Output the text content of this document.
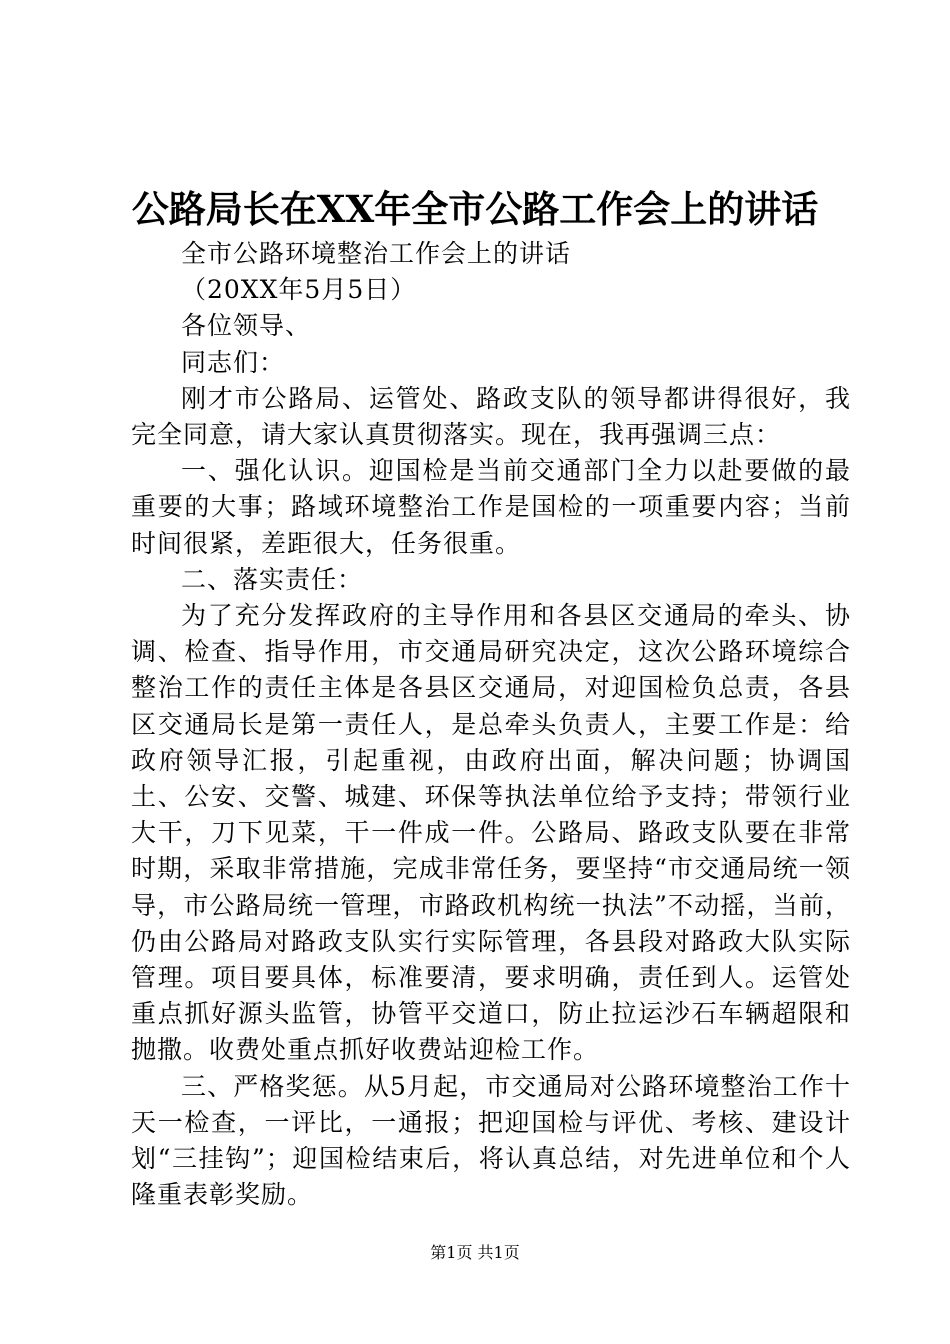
公路局长在XX年全市公路工作会上的讲话

全市公路环境整治工作会上的讲话

（20XX年5月5日）

各位领导、

同志们：

刚才市公路局、运管处、路政支队的领导都讲得很好，我完全同意，请大家认真贯彻落实。现在，我再强调三点：

一、强化认识。迎国检是当前交通部门全力以赴要做的最重要的大事；路域环境整治工作是国检的一项重要内容；当前时间很紧，差距很大，任务很重。

二、落实责任：

为了充分发挥政府的主导作用和各县区交通局的牵头、协调、检查、指导作用，市交通局研究决定，这次公路环境综合整治工作的责任主体是各县区交通局，对迎国检负总责，各县区交通局长是第一责任人，是总牵头负责人，主要工作是：给政府领导汇报，引起重视，由政府出面，解决问题；协调国土、公安、交警、城建、环保等执法单位给予支持；带领行业大干，刀下见菜，干一件成一件。公路局、路政支队要在非常时期，采取非常措施，完成非常任务，要坚持“市交通局统一领导，市公路局统一管理，市路政机构统一执法”不动摇，当前，仍由公路局对路政支队实行实际管理，各县段对路政大队实际管理。项目要具体，标准要清，要求明确，责任到人。运管处重点抓好源头监管，协管平交道口，防止拉运沙石车辆超限和抛撒。收费处重点抓好收费站迎检工作。

三、严格奖惩。从5月起，市交通局对公路环境整治工作十天一检查，一评比，一通报；把迎国检与评优、考核、建设计划“三挂钩”；迎国检结束后，将认真总结，对先进单位和个人隆重表彰奖励。

第1页 共1页
